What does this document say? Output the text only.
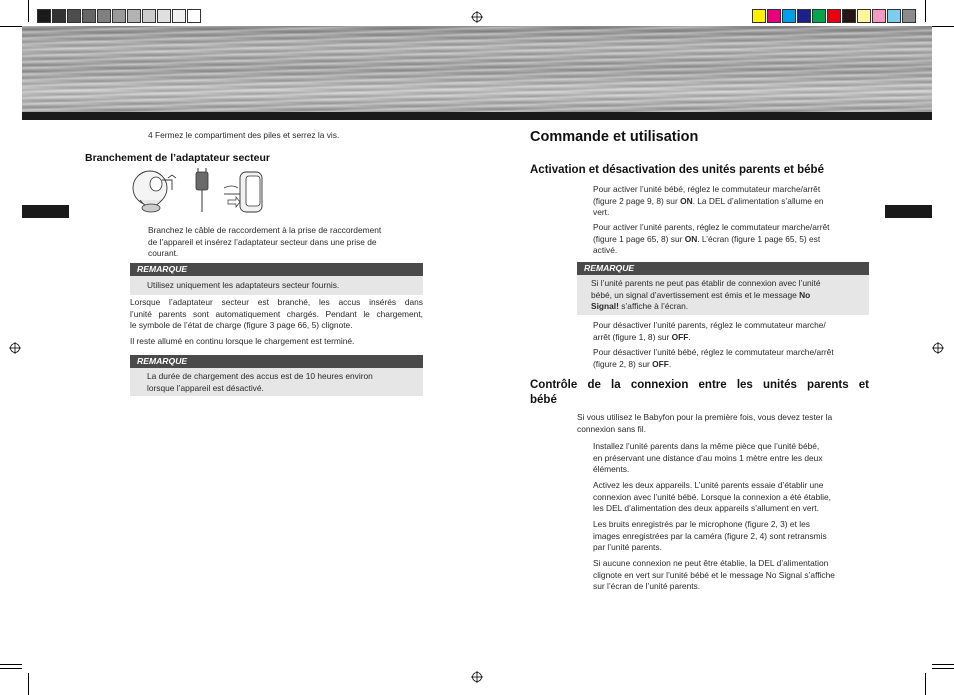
4 Fermez le compartiment des piles et serrez la vis.
Branchement de l’adaptateur secteur
Branchez le câble de raccordement à la prise de raccordement
de l’appareil et insérez l’adaptateur secteur dans une prise de
courant.
REMARQUE
Utilisez uniquement les adaptateurs secteur fournis.
Lorsque l’adaptateur secteur est branché, les accus insérés dans
l’unité parents sont automatiquement chargés. Pendant le chargement,
le symbole de l’état de charge (figure 3 page 66, 5) clignote.
Il reste allumé en continu lorsque le chargement est terminé.
REMARQUE
La durée de chargement des accus est de 10 heures environ
lorsque l’appareil est désactivé.
Commande et utilisation
Activation et désactivation des unités parents et bébé
Pour activer l’unité bébé, réglez le commutateur marche/arrêt
(figure 2 page 9, 8) sur ON. La DEL d’alimentation s’allume en
vert.
Pour activer l’unité parents, réglez le commutateur marche/arrêt
(figure 1 page 65, 8) sur ON. L’écran (figure 1 page 65, 5) est
activé.
REMARQUE
Si l’unité parents ne peut pas établir de connexion avec l’unité
bébé, un signal d’avertissement est émis et le message No
Signal! s’affiche à l’écran.
Pour désactiver l’unité parents, réglez le commutateur marche/
arrêt (figure 1, 8) sur OFF.
Pour désactiver l’unité bébé, réglez le commutateur marche/arrêt
(figure 2, 8) sur OFF.
Contrôle de la connexion entre les unités parents et
bébé
Si vous utilisez le Babyfon pour la première fois, vous devez tester la
connexion sans fil.
Installez l’unité parents dans la même pièce que l’unité bébé,
en préservant une distance d’au moins 1 mètre entre les deux
éléments.
Activez les deux appareils. L’unité parents essaie d’établir une
connexion avec l’unité bébé. Lorsque la connexion a été établie,
les DEL d’alimentation des deux appareils s’allument en vert.
Les bruits enregistrés par le microphone (figure 2, 3) et les
images enregistrées par la caméra (figure 2, 4) sont retransmis
par l’unité parents.
Si aucune connexion ne peut être établie, la DEL d’alimentation
clignote en vert sur l’unité bébé et le message No Signal s’affiche
sur l’écran de l’unité parents.
